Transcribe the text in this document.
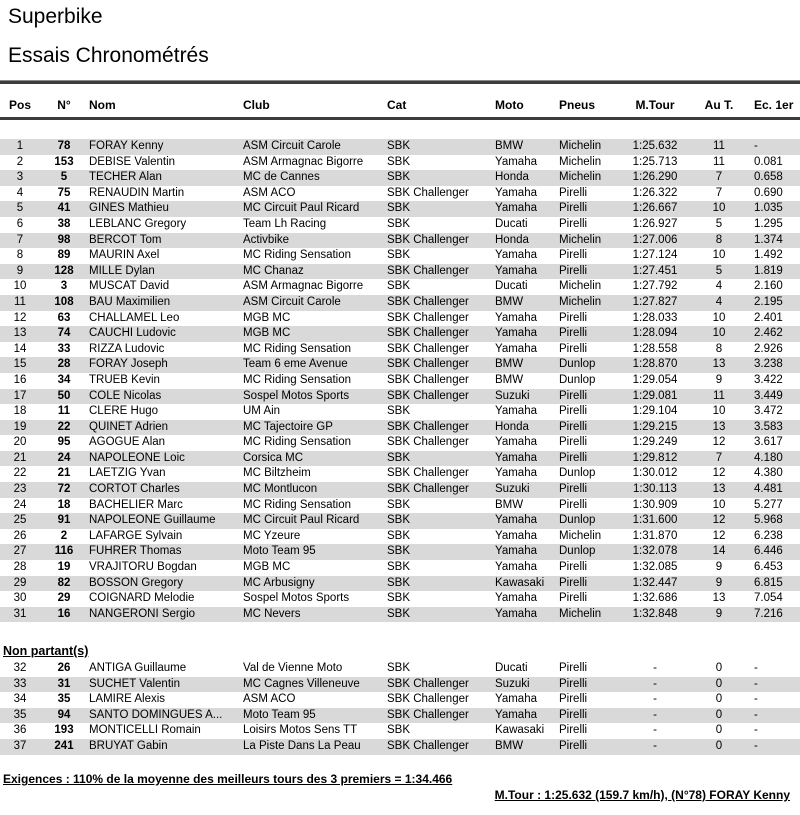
Superbike
Essais Chronométrés
Pos	N°	Nom	Club	Cat	Moto	Pneus	M.Tour	Au T.	Ec. 1er
1	78	FORAY Kenny	ASM Circuit Carole	SBK	BMW	Michelin	1:25.632	11	-
2	153	DEBISE Valentin	ASM Armagnac Bigorre	SBK	Yamaha	Michelin	1:25.713	11	0.081
3	5	TECHER Alan	MC de Cannes	SBK	Honda	Michelin	1:26.290	7	0.658
4	75	RENAUDIN Martin	ASM ACO	SBK Challenger	Yamaha	Pirelli	1:26.322	7	0.690
5	41	GINES Mathieu	MC Circuit Paul Ricard	SBK	Yamaha	Pirelli	1:26.667	10	1.035
6	38	LEBLANC Gregory	Team Lh Racing	SBK	Ducati	Pirelli	1:26.927	5	1.295
7	98	BERCOT Tom	Activbike	SBK Challenger	Honda	Michelin	1:27.006	8	1.374
8	89	MAURIN Axel	MC Riding Sensation	SBK	Yamaha	Pirelli	1:27.124	10	1.492
9	128	MILLE Dylan	MC Chanaz	SBK Challenger	Yamaha	Pirelli	1:27.451	5	1.819
10	3	MUSCAT David	ASM Armagnac Bigorre	SBK	Ducati	Michelin	1:27.792	4	2.160
11	108	BAU Maximilien	ASM Circuit Carole	SBK Challenger	BMW	Michelin	1:27.827	4	2.195
12	63	CHALLAMEL Leo	MGB MC	SBK Challenger	Yamaha	Pirelli	1:28.033	10	2.401
13	74	CAUCHI Ludovic	MGB MC	SBK Challenger	Yamaha	Pirelli	1:28.094	10	2.462
14	33	RIZZA Ludovic	MC Riding Sensation	SBK Challenger	Yamaha	Pirelli	1:28.558	8	2.926
15	28	FORAY Joseph	Team 6 eme Avenue	SBK Challenger	BMW	Dunlop	1:28.870	13	3.238
16	34	TRUEB Kevin	MC Riding Sensation	SBK Challenger	BMW	Dunlop	1:29.054	9	3.422
17	50	COLE Nicolas	Sospel Motos Sports	SBK Challenger	Suzuki	Pirelli	1:29.081	11	3.449
18	11	CLERE Hugo	UM Ain	SBK	Yamaha	Pirelli	1:29.104	10	3.472
19	22	QUINET Adrien	MC Tajectoire GP	SBK Challenger	Honda	Pirelli	1:29.215	13	3.583
20	95	AGOGUE Alan	MC Riding Sensation	SBK Challenger	Yamaha	Pirelli	1:29.249	12	3.617
21	24	NAPOLEONE Loic	Corsica MC	SBK	Yamaha	Pirelli	1:29.812	7	4.180
22	21	LAETZIG Yvan	MC Biltzheim	SBK Challenger	Yamaha	Dunlop	1:30.012	12	4.380
23	72	CORTOT Charles	MC Montlucon	SBK Challenger	Suzuki	Pirelli	1:30.113	13	4.481
24	18	BACHELIER Marc	MC Riding Sensation	SBK	BMW	Pirelli	1:30.909	10	5.277
25	91	NAPOLEONE Guillaume	MC Circuit Paul Ricard	SBK	Yamaha	Dunlop	1:31.600	12	5.968
26	2	LAFARGE Sylvain	MC Yzeure	SBK	Yamaha	Michelin	1:31.870	12	6.238
27	116	FUHRER Thomas	Moto Team 95	SBK	Yamaha	Dunlop	1:32.078	14	6.446
28	19	VRAJITORU Bogdan	MGB MC	SBK	Yamaha	Pirelli	1:32.085	9	6.453
29	82	BOSSON Gregory	MC Arbusigny	SBK	Kawasaki	Pirelli	1:32.447	9	6.815
30	29	COIGNARD Melodie	Sospel Motos Sports	SBK	Yamaha	Pirelli	1:32.686	13	7.054
31	16	NANGERONI Sergio	MC Nevers	SBK	Yamaha	Michelin	1:32.848	9	7.216
Non partant(s)
32	26	ANTIGA Guillaume	Val de Vienne Moto	SBK	Ducati	Pirelli	-	0	-
33	31	SUCHET Valentin	MC Cagnes Villeneuve	SBK Challenger	Suzuki	Pirelli	-	0	-
34	35	LAMIRE Alexis	ASM ACO	SBK Challenger	Yamaha	Pirelli	-	0	-
35	94	SANTO DOMINGUES A...	Moto Team 95	SBK Challenger	Yamaha	Pirelli	-	0	-
36	193	MONTICELLI Romain	Loisirs Motos Sens TT	SBK	Kawasaki	Pirelli	-	0	-
37	241	BRUYAT Gabin	La Piste Dans La Peau	SBK Challenger	BMW	Pirelli	-	0	-
Exigences : 110% de la moyenne des meilleurs tours des 3 premiers = 1:34.466
M.Tour : 1:25.632 (159.7 km/h), (N°78) FORAY Kenny
